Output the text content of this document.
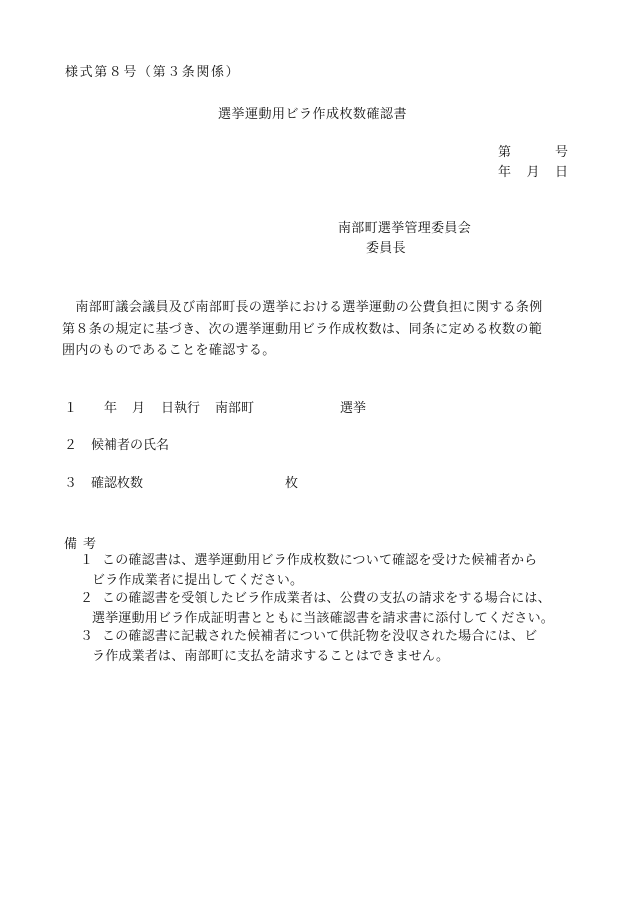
様式第８号（第３条関係）
選挙運動用ビラ作成枚数確認書
第	号
年 月 日
南部町選挙管理委員会
委員長

　南部町議会議員及び南部町長の選挙における選挙運動の公費負担に関する条例

第８条の規定に基づき、次の選挙運動用ビラ作成枚数は、同条に定める枚数の範

囲内のものであることを確認する。

１ 年 月 日執行 南部町	選挙
２ 候補者の氏名
３ 確認枚数	枚
備考

１ この確認書は、選挙運動用ビラ作成枚数について確認を受けた候補者から

ビラ作成業者に提出してください。

２ この確認書を受領したビラ作成業者は、公費の支払の請求をする場合には、

選挙運動用ビラ作成証明書とともに当該確認書を請求書に添付してください。

３ この確認書に記載された候補者について供託物を没収された場合には、ビ

ラ作成業者は、南部町に支払を請求することはできません。
